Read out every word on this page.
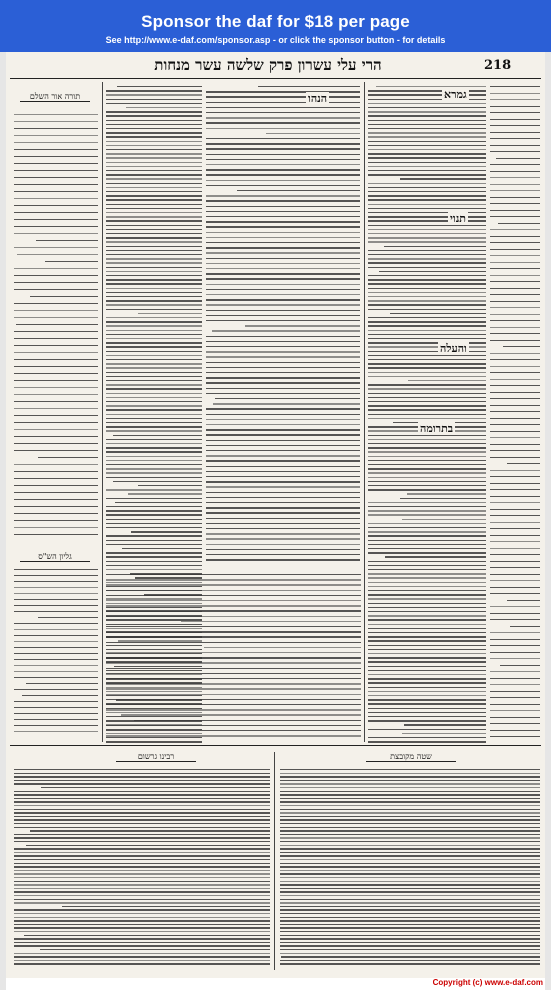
Sponsor the daf for $18 per page
See http://www.e-daf.com/sponsor.asp - or click the sponsor button - for details
218
הרי עלי עשרון פרק שלשה עשר מנחות
תורה אור השלם
גליון הש"ס
רבינו גרשום	שטה מקובצת
גמרא
תנוי
והעלה
בתרומה
הנהו
Copyright (c) www.e-daf.com
